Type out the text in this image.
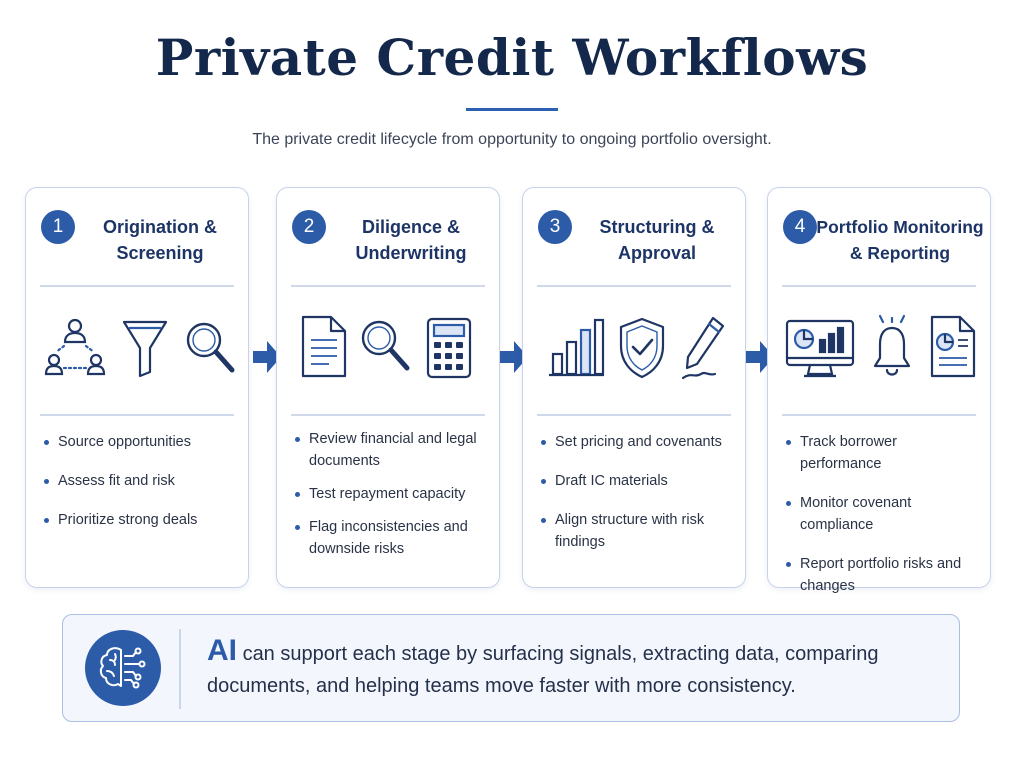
Private Credit Workflows
The private credit lifecycle from opportunity to ongoing portfolio oversight.
1	Origination &
Screening
Source opportunities
Assess fit and risk
Prioritize strong deals
2	Diligence &
Underwriting
Review financial and legal documents
Test repayment capacity
Flag inconsistencies and downside risks
3	Structuring &
Approval
Set pricing and covenants
Draft IC materials
Align structure with risk findings
4 Portfolio Monitoring
& Reporting
Track borrower performance
Monitor covenant compliance
Report portfolio risks and changes
AI can support each stage by surfacing signals, extracting data, comparing documents, and helping teams move faster with more consistency.
